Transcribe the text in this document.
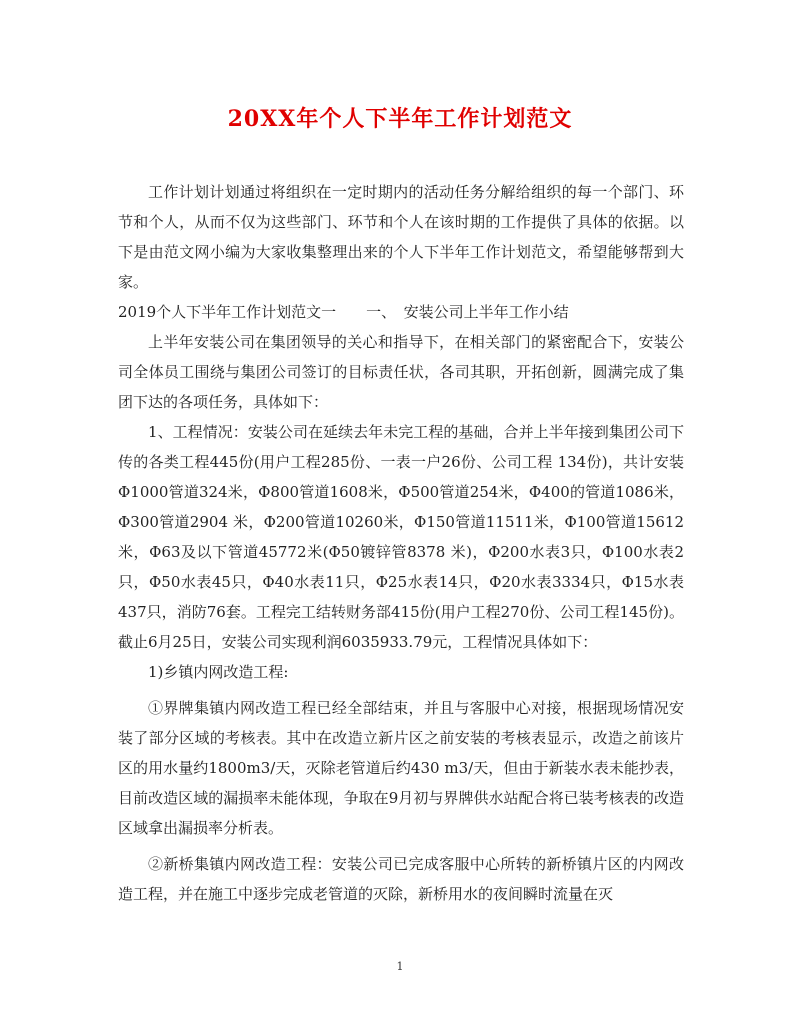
20XX年个人下半年工作计划范文

工作计划计划通过将组织在一定时期内的活动任务分解给组织的每一个部门、环节和个人，从而不仅为这些部门、环节和个人在该时期的工作提供了具体的依据。以下是由范文网小编为大家收集整理出来的个人下半年工作计划范文，希望能够帮到大家。

2019个人下半年工作计划范文一　　一、　安装公司上半年工作小结

上半年安装公司在集团领导的关心和指导下，在相关部门的紧密配合下，安装公司全体员工围绕与集团公司签订的目标责任状，各司其职，开拓创新，圆满完成了集团下达的各项任务，具体如下：

1、工程情况：安装公司在延续去年未完工程的基础，合并上半年接到集团公司下传的各类工程445份(用户工程285份、一表一户26份、公司工程 134份)，共计安装 Φ1000管道324米，Φ800管道1608米，Φ500管道254米，Φ400的管道1086米，Φ300管道2904 米，Φ200管道10260米，Φ150管道11511米，Φ100管道15612米，Φ63及以下管道45772米(Φ50镀锌管8378 米)，Φ200水表3只，Φ100水表2只，Φ50水表45只，Φ40水表11只，Φ25水表14只，Φ20水表3334只，Φ15水表437只，消防76套。工程完工结转财务部415份(用户工程270份、公司工程145份)。截止6月25日，安装公司实现利润6035933.79元，工程情况具体如下：

1)乡镇内网改造工程:

①界牌集镇内网改造工程已经全部结束，并且与客服中心对接，根据现场情况安装了部分区域的考核表。其中在改造立新片区之前安装的考核表显示，改造之前该片区的用水量约1800m3/天，灭除老管道后约430 m3/天，但由于新装水表未能抄表，目前改造区域的漏损率未能体现，争取在9月初与界牌供水站配合将已装考核表的改造区域拿出漏损率分析表。

②新桥集镇内网改造工程：安装公司已完成客服中心所转的新桥镇片区的内网改造工程，并在施工中逐步完成老管道的灭除，新桥用水的夜间瞬时流量在灭

1
